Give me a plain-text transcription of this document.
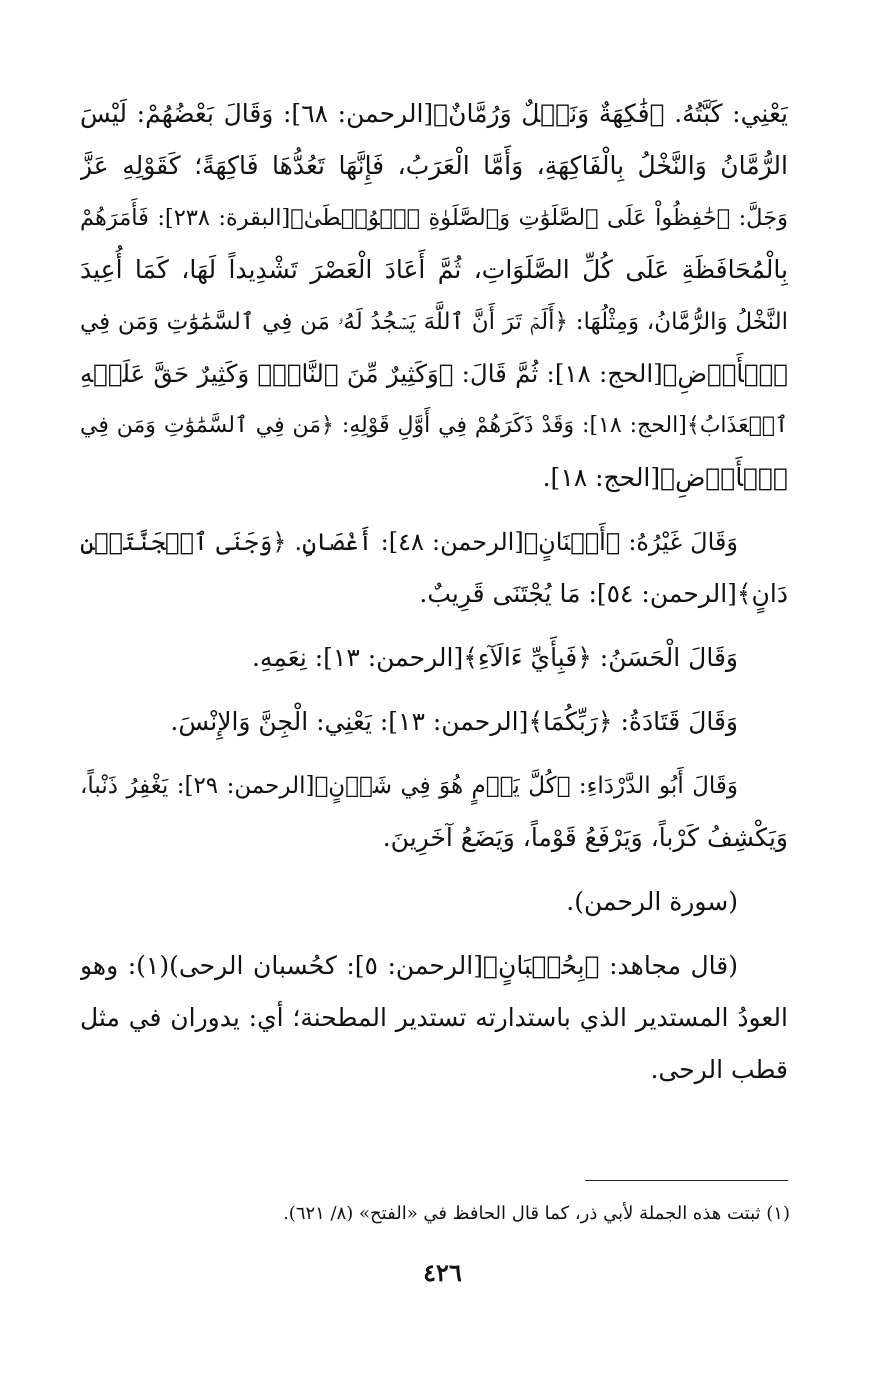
يَعْنِي: كَبَّتُهُ. ﴿فَٰكِهَةٌ وَنَخۡلٌ وَرُمَّانٌ﴾[الرحمن: ٦٨]: وَقَالَ بَعْضُهُمْ: لَيْسَ
الرُّمَّانُ وَالنَّخْلُ بِالْفَاكِهَةِ، وَأَمَّا الْعَرَبُ، فَإِنَّهَا تَعُدُّهَا فَاكِهَةً؛ كَقَوْلِهِ عَزَّ
وَجَلَّ: ﴿حَٰفِظُواْ عَلَى ٱلصَّلَوَٰتِ وَٱلصَّلَوٰةِ ٱلۡوُسۡطَىٰ﴾[البقرة: ٢٣٨]: فَأَمَرَهُمْ
بِالْمُحَافَظَةِ عَلَى كُلِّ الصَّلَوَاتِ، ثُمَّ أَعَادَ الْعَصْرَ تَشْدِيداً لَهَا، كَمَا أُعِيدَ
النَّخْلُ وَالرُّمَّانُ، وَمِثْلُهَا: ﴿أَلَمۡ تَرَ أَنَّ ٱللَّهَ يَسۡجُدُ لَهُۥ مَن فِي ٱلسَّمَٰوَٰتِ وَمَن فِي
ٱلۡأَرۡضِ﴾[الحج: ١٨]: ثُمَّ قَالَ: ﴿وَكَثِيرٌ مِّنَ ٱلنَّاسِۖ وَكَثِيرٌ حَقَّ عَلَيۡهِ
ٱلۡعَذَابُ﴾[الحج: ١٨]: وَقَدْ ذَكَرَهُمْ فِي أَوَّلِ قَوْلِهِ: ﴿مَن فِي ٱلسَّمَٰوَٰتِ وَمَن فِي
ٱلۡأَرۡضِ﴾[الحج: ١٨].
وَقَالَ غَيْرُهُ: ﴿أَفۡنَانٍ﴾[الرحمن: ٤٨]: أَغْصَانٍ. ﴿وَجَنَى ٱلۡجَنَّتَيۡنِ
دَانٍ﴾[الرحمن: ٥٤]: مَا يُجْتَنَى قَرِيبٌ.
وَقَالَ الْحَسَنُ: ﴿فَبِأَيِّ ءَالَآءِ﴾[الرحمن: ١٣]: نِعَمِهِ.
وَقَالَ قَتَادَةُ: ﴿رَبِّكُمَا﴾[الرحمن: ١٣]: يَعْنِي: الْجِنَّ وَالإِنْسَ.
وَقَالَ أَبُو الدَّرْدَاءِ: ﴿كُلَّ يَوۡمٍ هُوَ فِي شَأۡنٍ﴾[الرحمن: ٢٩]: يَغْفِرُ ذَنْباً،
وَيَكْشِفُ كَرْباً، وَيَرْفَعُ قَوْماً، وَيَضَعُ آخَرِينَ.
(سورة الرحمن).
(قال مجاهد: ﴿بِحُسۡبَانٍ﴾[الرحمن: ٥]: كحُسبان الرحى)(١): وهو
العودُ المستدير الذي باستدارته تستدير المطحنة؛ أي: يدوران في مثل
قطب الرحى.
(١) ثبتت هذه الجملة لأبي ذر، كما قال الحافظ في «الفتح» (٨/ ٦٢١).
٤٢٦
